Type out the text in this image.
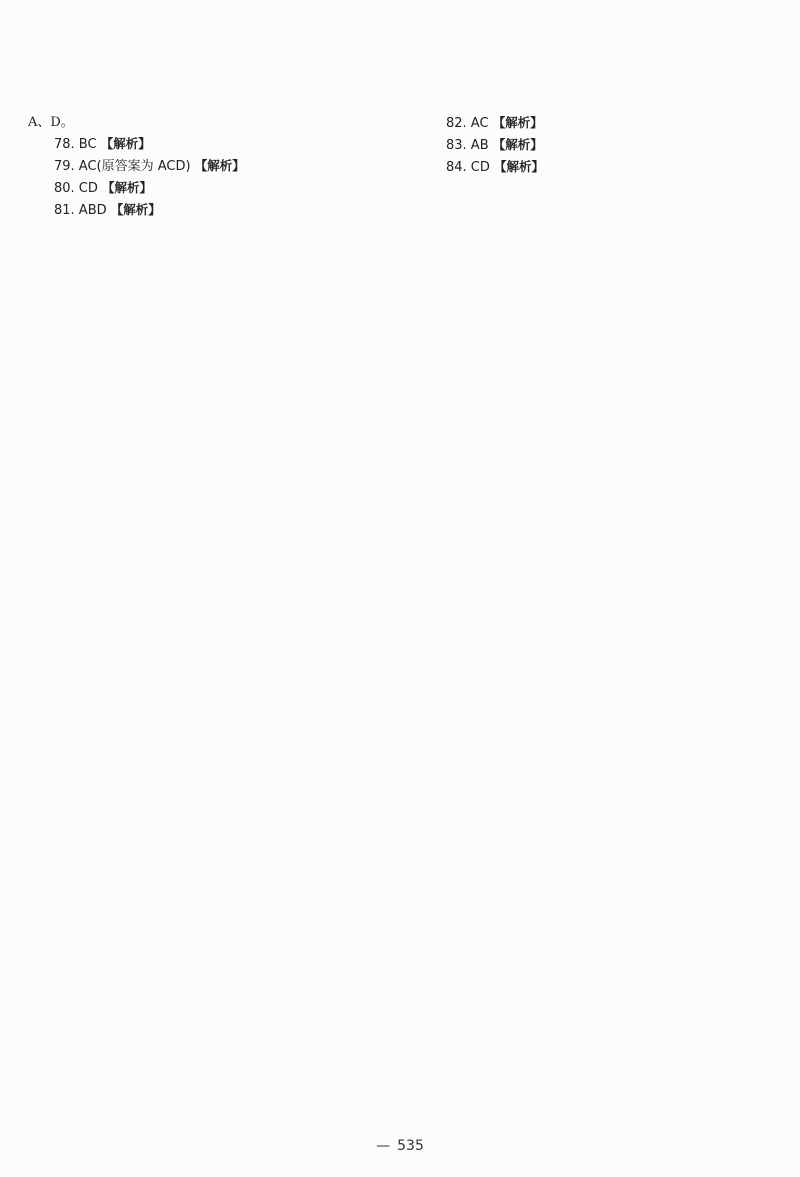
A、D。

78. BC 【解析】

79. AC(原答案为 ACD) 【解析】

80. CD 【解析】

81. ABD 【解析】

82. AC 【解析】

83. AB 【解析】

84. CD 【解析】

— 535
